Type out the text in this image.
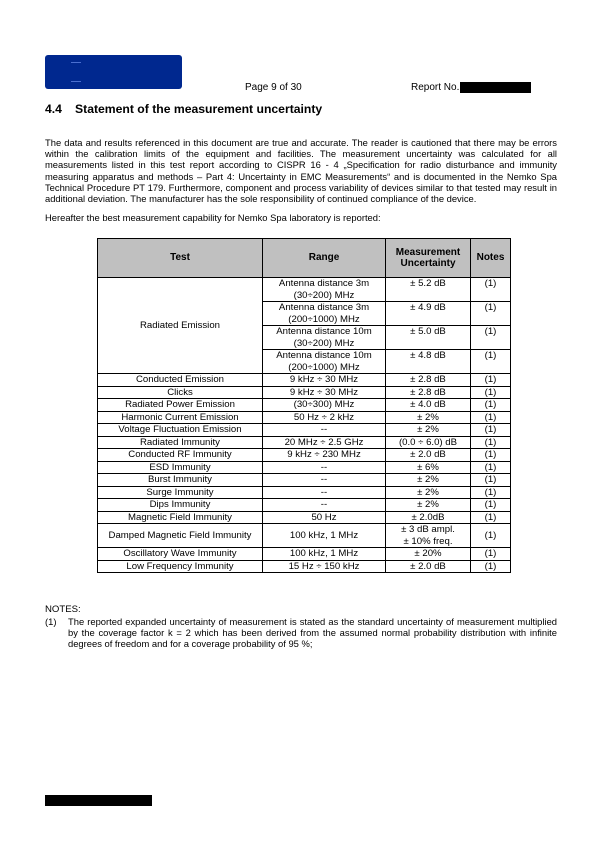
Page 9 of 30	Report No.
4.4 Statement of the measurement uncertainty
The data and results referenced in this document are true and accurate. The reader is cautioned that there may be errors within the calibration limits of the equipment and facilities. The measurement uncertainty was calculated for all measurements listed in this test report according to CISPR 16 - 4 „Specification for radio disturbance and immunity measuring apparatus and methods – Part 4: Uncertainty in EMC Measurements“ and is documented in the Nemko Spa Technical Procedure PT 179. Furthermore, component and process variability of devices similar to that tested may result in additional deviation. The manufacturer has the sole responsibility of continued compliance of the device.
Hereafter the best measurement capability for Nemko Spa laboratory is reported:
Test	Range	Measurement Uncertainty	Notes
Radiated Emission	Antenna distance 3m (30÷200) MHz	± 5.2 dB	(1)
	Antenna distance 3m (200÷1000) MHz	± 4.9 dB	(1)
	Antenna distance 10m (30÷200) MHz	± 5.0 dB	(1)
	Antenna distance 10m (200÷1000) MHz	± 4.8 dB	(1)
Conducted Emission	9 kHz ÷ 30 MHz	± 2.8 dB	(1)
Clicks	9 kHz ÷ 30 MHz	± 2.8 dB	(1)
Radiated Power Emission	(30÷300) MHz	± 4.0 dB	(1)
Harmonic Current Emission	50 Hz ÷ 2 kHz	± 2%	(1)
Voltage Fluctuation Emission	--	± 2%	(1)
Radiated Immunity	20 MHz ÷ 2.5 GHz	(0.0 ÷ 6.0) dB	(1)
Conducted RF Immunity	9 kHz ÷ 230 MHz	± 2.0 dB	(1)
ESD Immunity	--	± 6%	(1)
Burst Immunity	--	± 2%	(1)
Surge Immunity	--	± 2%	(1)
Dips Immunity	--	± 2%	(1)
Magnetic Field Immunity	50 Hz	± 2.0dB	(1)
Damped Magnetic Field Immunity	100 kHz, 1 MHz	± 3 dB ampl.
± 10% freq.	(1)
Oscillatory Wave Immunity	100 kHz, 1 MHz	± 20%	(1)
Low Frequency Immunity	15 Hz ÷ 150 kHz	± 2.0 dB	(1)
NOTES:
(1) The reported expanded uncertainty of measurement is stated as the standard uncertainty of measurement multiplied by the coverage factor k = 2 which has been derived from the assumed normal probability distribution with infinite degrees of freedom and for a coverage probability of 95 %;
